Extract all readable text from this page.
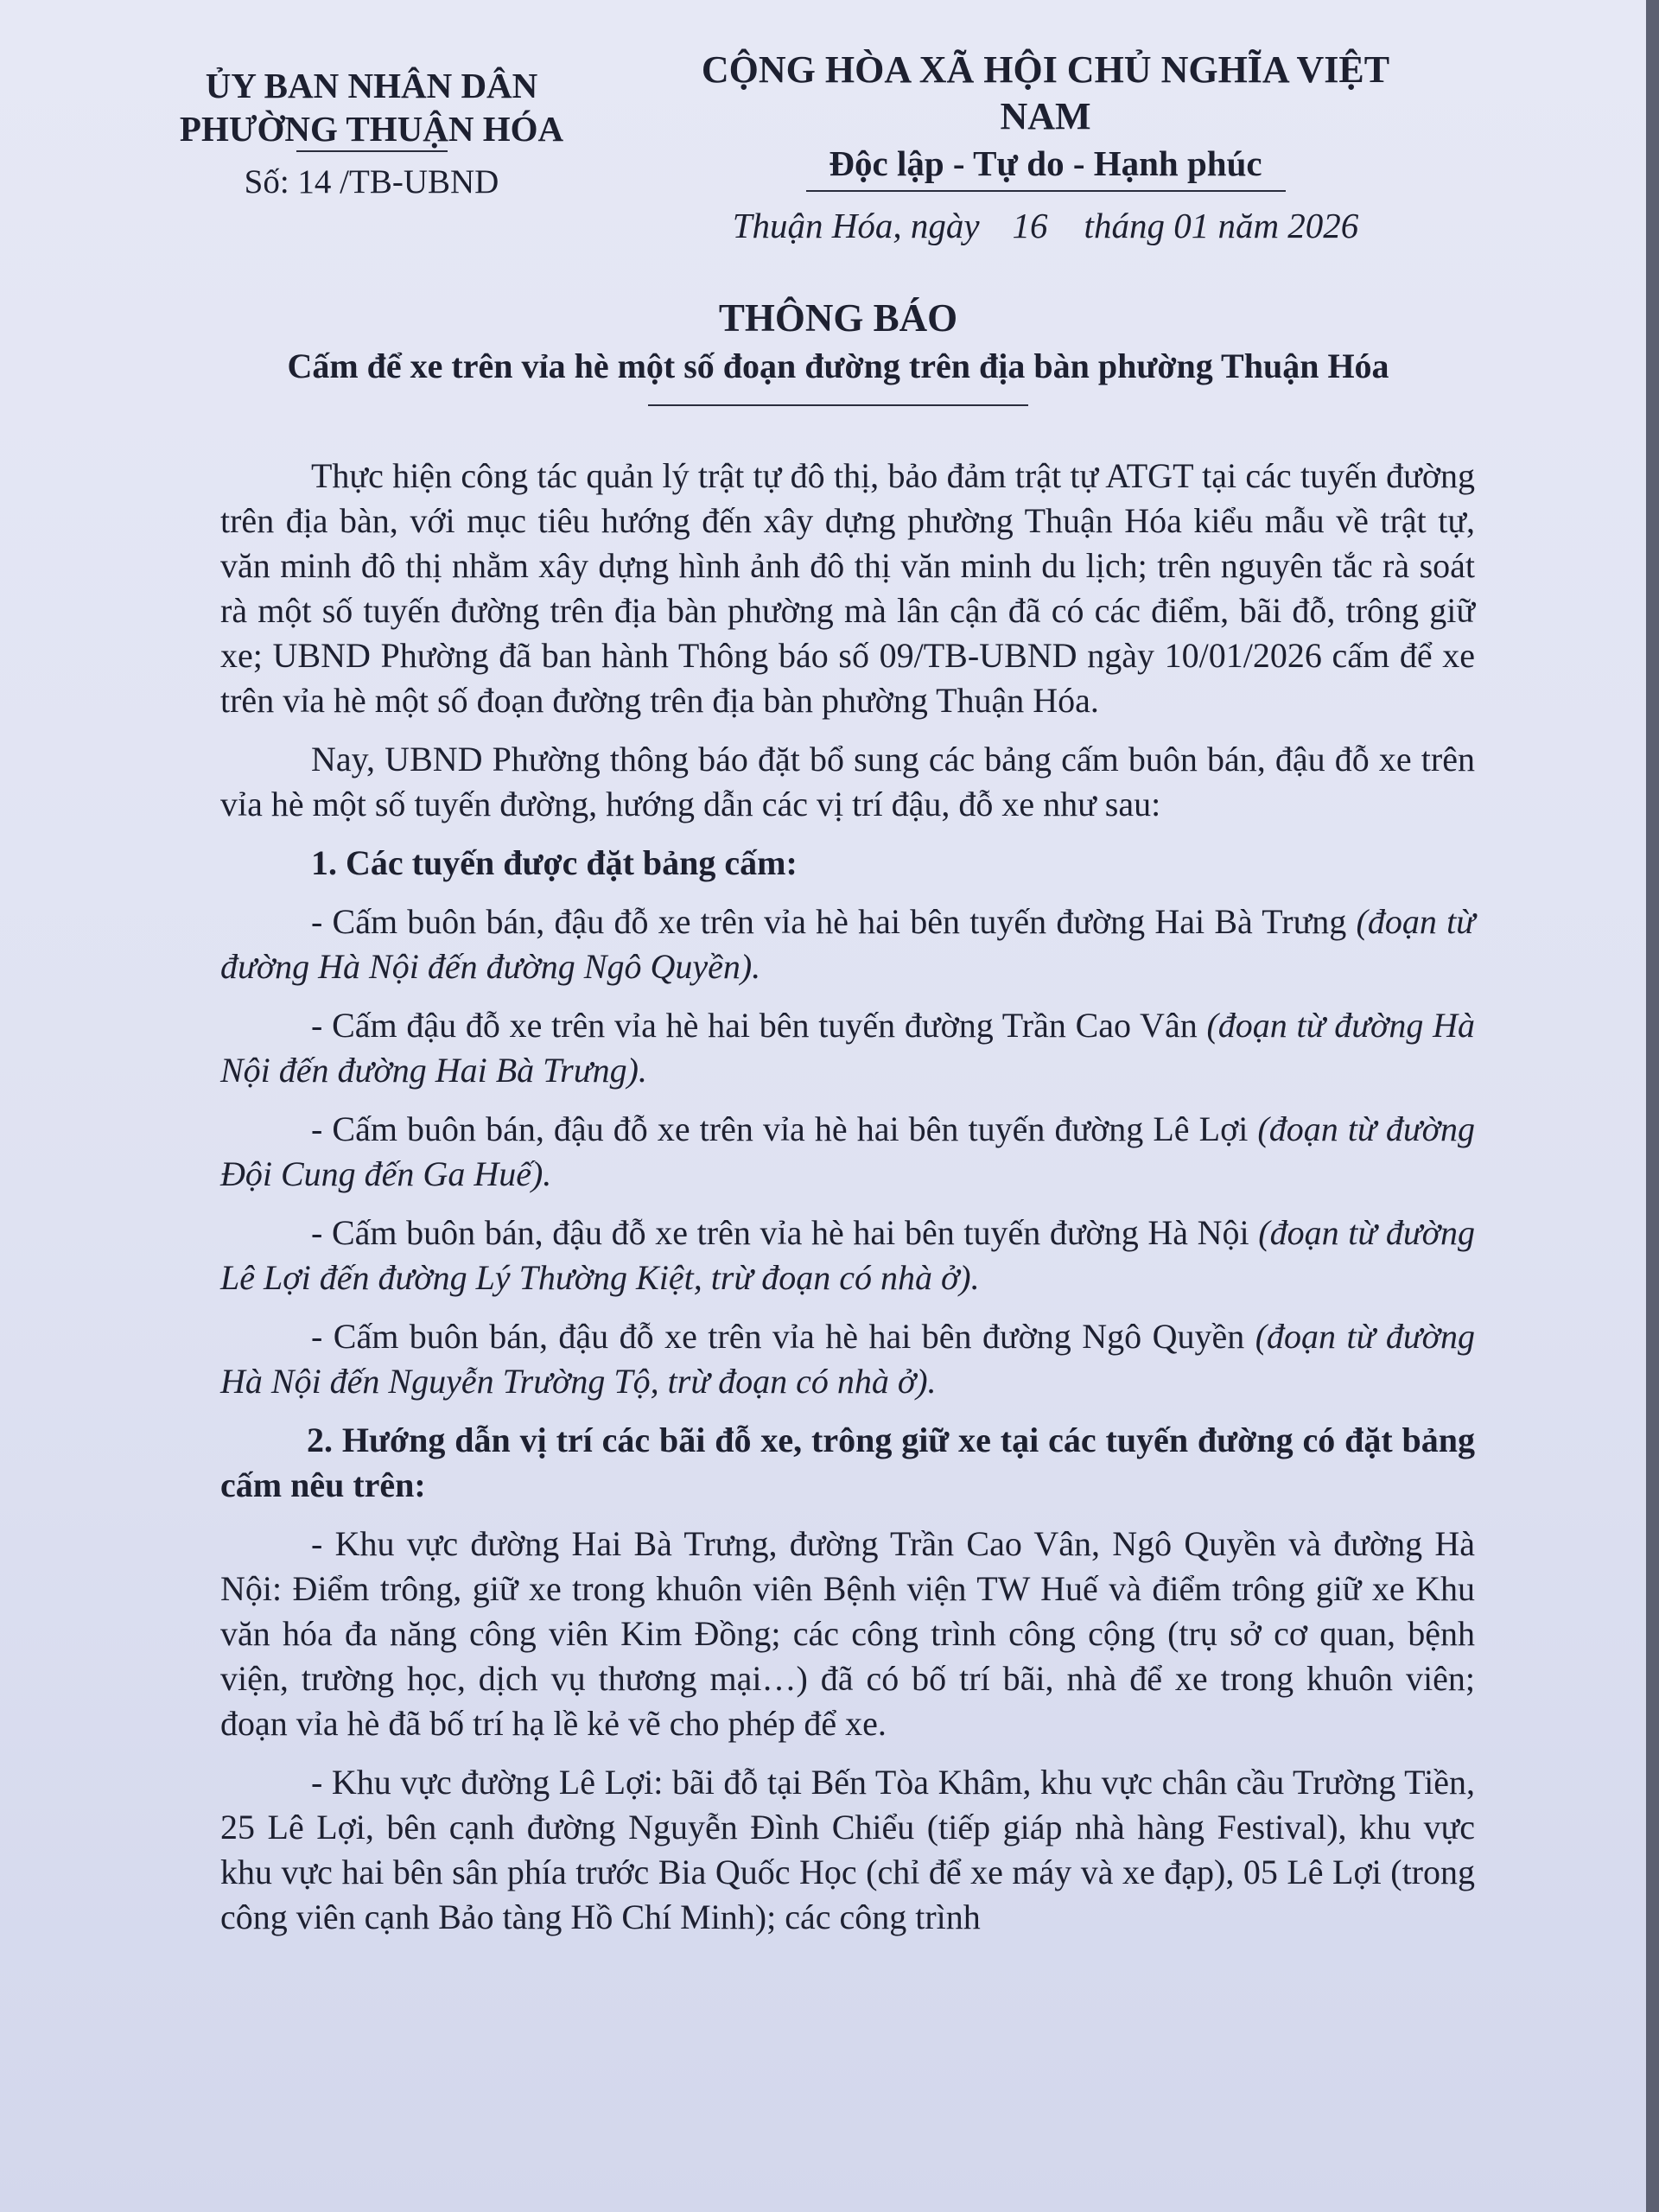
ỦY BAN NHÂN DÂN
PHƯỜNG THUẬN HÓA
Số: 14 /TB-UBND
CỘNG HÒA XÃ HỘI CHỦ NGHĨA VIỆT NAM
Độc lập - Tự do - Hạnh phúc
Thuận Hóa, ngày 16 tháng 01 năm 2026
THÔNG BÁO
Cấm để xe trên vỉa hè một số đoạn đường trên địa bàn phường Thuận Hóa

Thực hiện công tác quản lý trật tự đô thị, bảo đảm trật tự ATGT tại các tuyến đường trên địa bàn, với mục tiêu hướng đến xây dựng phường Thuận Hóa kiểu mẫu về trật tự, văn minh đô thị nhằm xây dựng hình ảnh đô thị văn minh du lịch; trên nguyên tắc rà soát rà một số tuyến đường trên địa bàn phường mà lân cận đã có các điểm, bãi đỗ, trông giữ xe; UBND Phường đã ban hành Thông báo số 09/TB-UBND ngày 10/01/2026 cấm để xe trên vỉa hè một số đoạn đường trên địa bàn phường Thuận Hóa.

Nay, UBND Phường thông báo đặt bổ sung các bảng cấm buôn bán, đậu đỗ xe trên vỉa hè một số tuyến đường, hướng dẫn các vị trí đậu, đỗ xe như sau:

1. Các tuyến được đặt bảng cấm:

- Cấm buôn bán, đậu đỗ xe trên vỉa hè hai bên tuyến đường Hai Bà Trưng (đoạn từ đường Hà Nội đến đường Ngô Quyền).

- Cấm đậu đỗ xe trên vỉa hè hai bên tuyến đường Trần Cao Vân (đoạn từ đường Hà Nội đến đường Hai Bà Trưng).

- Cấm buôn bán, đậu đỗ xe trên vỉa hè hai bên tuyến đường Lê Lợi (đoạn từ đường Đội Cung đến Ga Huế).

- Cấm buôn bán, đậu đỗ xe trên vỉa hè hai bên tuyến đường Hà Nội (đoạn từ đường Lê Lợi đến đường Lý Thường Kiệt, trừ đoạn có nhà ở).

- Cấm buôn bán, đậu đỗ xe trên vỉa hè hai bên đường Ngô Quyền (đoạn từ đường Hà Nội đến Nguyễn Trường Tộ, trừ đoạn có nhà ở).

2. Hướng dẫn vị trí các bãi đỗ xe, trông giữ xe tại các tuyến đường có đặt bảng cấm nêu trên:

- Khu vực đường Hai Bà Trưng, đường Trần Cao Vân, Ngô Quyền và đường Hà Nội: Điểm trông, giữ xe trong khuôn viên Bệnh viện TW Huế và điểm trông giữ xe Khu văn hóa đa năng công viên Kim Đồng; các công trình công cộng (trụ sở cơ quan, bệnh viện, trường học, dịch vụ thương mại…) đã có bố trí bãi, nhà để xe trong khuôn viên; đoạn vỉa hè đã bố trí hạ lề kẻ vẽ cho phép để xe.

- Khu vực đường Lê Lợi: bãi đỗ tại Bến Tòa Khâm, khu vực chân cầu Trường Tiền, 25 Lê Lợi, bên cạnh đường Nguyễn Đình Chiểu (tiếp giáp nhà hàng Festival), khu vực khu vực hai bên sân phía trước Bia Quốc Học (chỉ để xe máy và xe đạp), 05 Lê Lợi (trong công viên cạnh Bảo tàng Hồ Chí Minh); các công trình
